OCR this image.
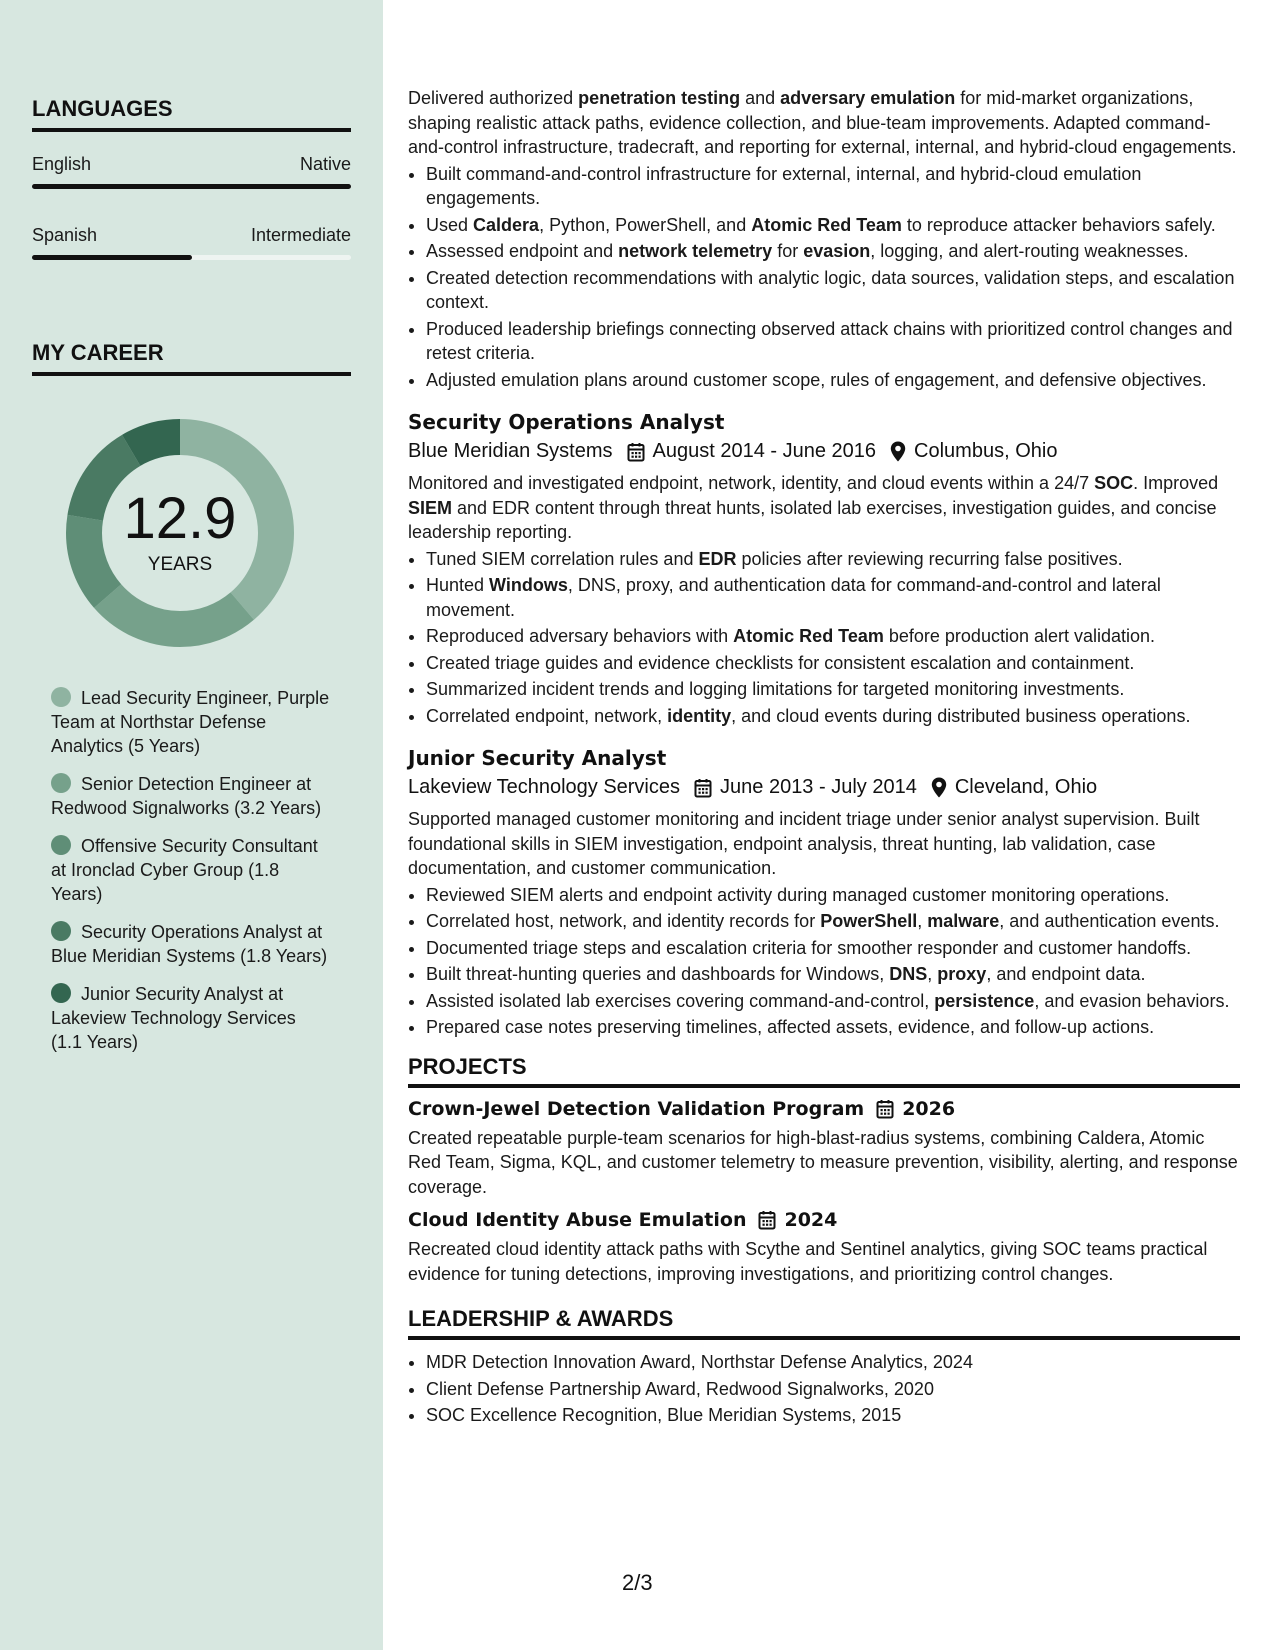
LANGUAGES
English	Native
Spanish	Intermediate
MY CAREER
12.9
YEARS
Lead Security Engineer, Purple Team at Northstar Defense Analytics (5 Years)
Senior Detection Engineer at Redwood Signalworks (3.2 Years)
Offensive Security Consultant at Ironclad Cyber Group (1.8 Years)
Security Operations Analyst at Blue Meridian Systems (1.8 Years)
Junior Security Analyst at Lakeview Technology Services (1.1 Years)

Delivered authorized penetration testing and adversary emulation for mid-market organizations, shaping realistic attack paths, evidence collection, and blue-team improvements. Adapted command-and-control infrastructure, tradecraft, and reporting for external, internal, and hybrid-cloud engagements.

• Built command-and-control infrastructure for external, internal, and hybrid-cloud emulation engagements.
• Used Caldera, Python, PowerShell, and Atomic Red Team to reproduce attacker behaviors safely.
• Assessed endpoint and network telemetry for evasion, logging, and alert-routing weaknesses.
• Created detection recommendations with analytic logic, data sources, validation steps, and escalation context.
• Produced leadership briefings connecting observed attack chains with prioritized control changes and retest criteria.
• Adjusted emulation plans around customer scope, rules of engagement, and defensive objectives.
Security Operations Analyst
Blue Meridian Systems August 2014 - June 2016 Columbus, Ohio

Monitored and investigated endpoint, network, identity, and cloud events within a 24/7 SOC. Improved SIEM and EDR content through threat hunts, isolated lab exercises, investigation guides, and concise leadership reporting.

• Tuned SIEM correlation rules and EDR policies after reviewing recurring false positives.
• Hunted Windows, DNS, proxy, and authentication data for command-and-control and lateral movement.
• Reproduced adversary behaviors with Atomic Red Team before production alert validation.
• Created triage guides and evidence checklists for consistent escalation and containment.
• Summarized incident trends and logging limitations for targeted monitoring investments.
• Correlated endpoint, network, identity, and cloud events during distributed business operations.
Junior Security Analyst
Lakeview Technology Services June 2013 - July 2014 Cleveland, Ohio

Supported managed customer monitoring and incident triage under senior analyst supervision. Built foundational skills in SIEM investigation, endpoint analysis, threat hunting, lab validation, case documentation, and customer communication.

• Reviewed SIEM alerts and endpoint activity during managed customer monitoring operations.
• Correlated host, network, and identity records for PowerShell, malware, and authentication events.
• Documented triage steps and escalation criteria for smoother responder and customer handoffs.
• Built threat-hunting queries and dashboards for Windows, DNS, proxy, and endpoint data.
• Assisted isolated lab exercises covering command-and-control, persistence, and evasion behaviors.
• Prepared case notes preserving timelines, affected assets, evidence, and follow-up actions.
PROJECTS
Crown-Jewel Detection Validation Program 2026

Created repeatable purple-team scenarios for high-blast-radius systems, combining Caldera, Atomic Red Team, Sigma, KQL, and customer telemetry to measure prevention, visibility, alerting, and response coverage.

Cloud Identity Abuse Emulation 2024

Recreated cloud identity attack paths with Scythe and Sentinel analytics, giving SOC teams practical evidence for tuning detections, improving investigations, and prioritizing control changes.

LEADERSHIP & AWARDS
• MDR Detection Innovation Award, Northstar Defense Analytics, 2024
• Client Defense Partnership Award, Redwood Signalworks, 2020
• SOC Excellence Recognition, Blue Meridian Systems, 2015
2/3
